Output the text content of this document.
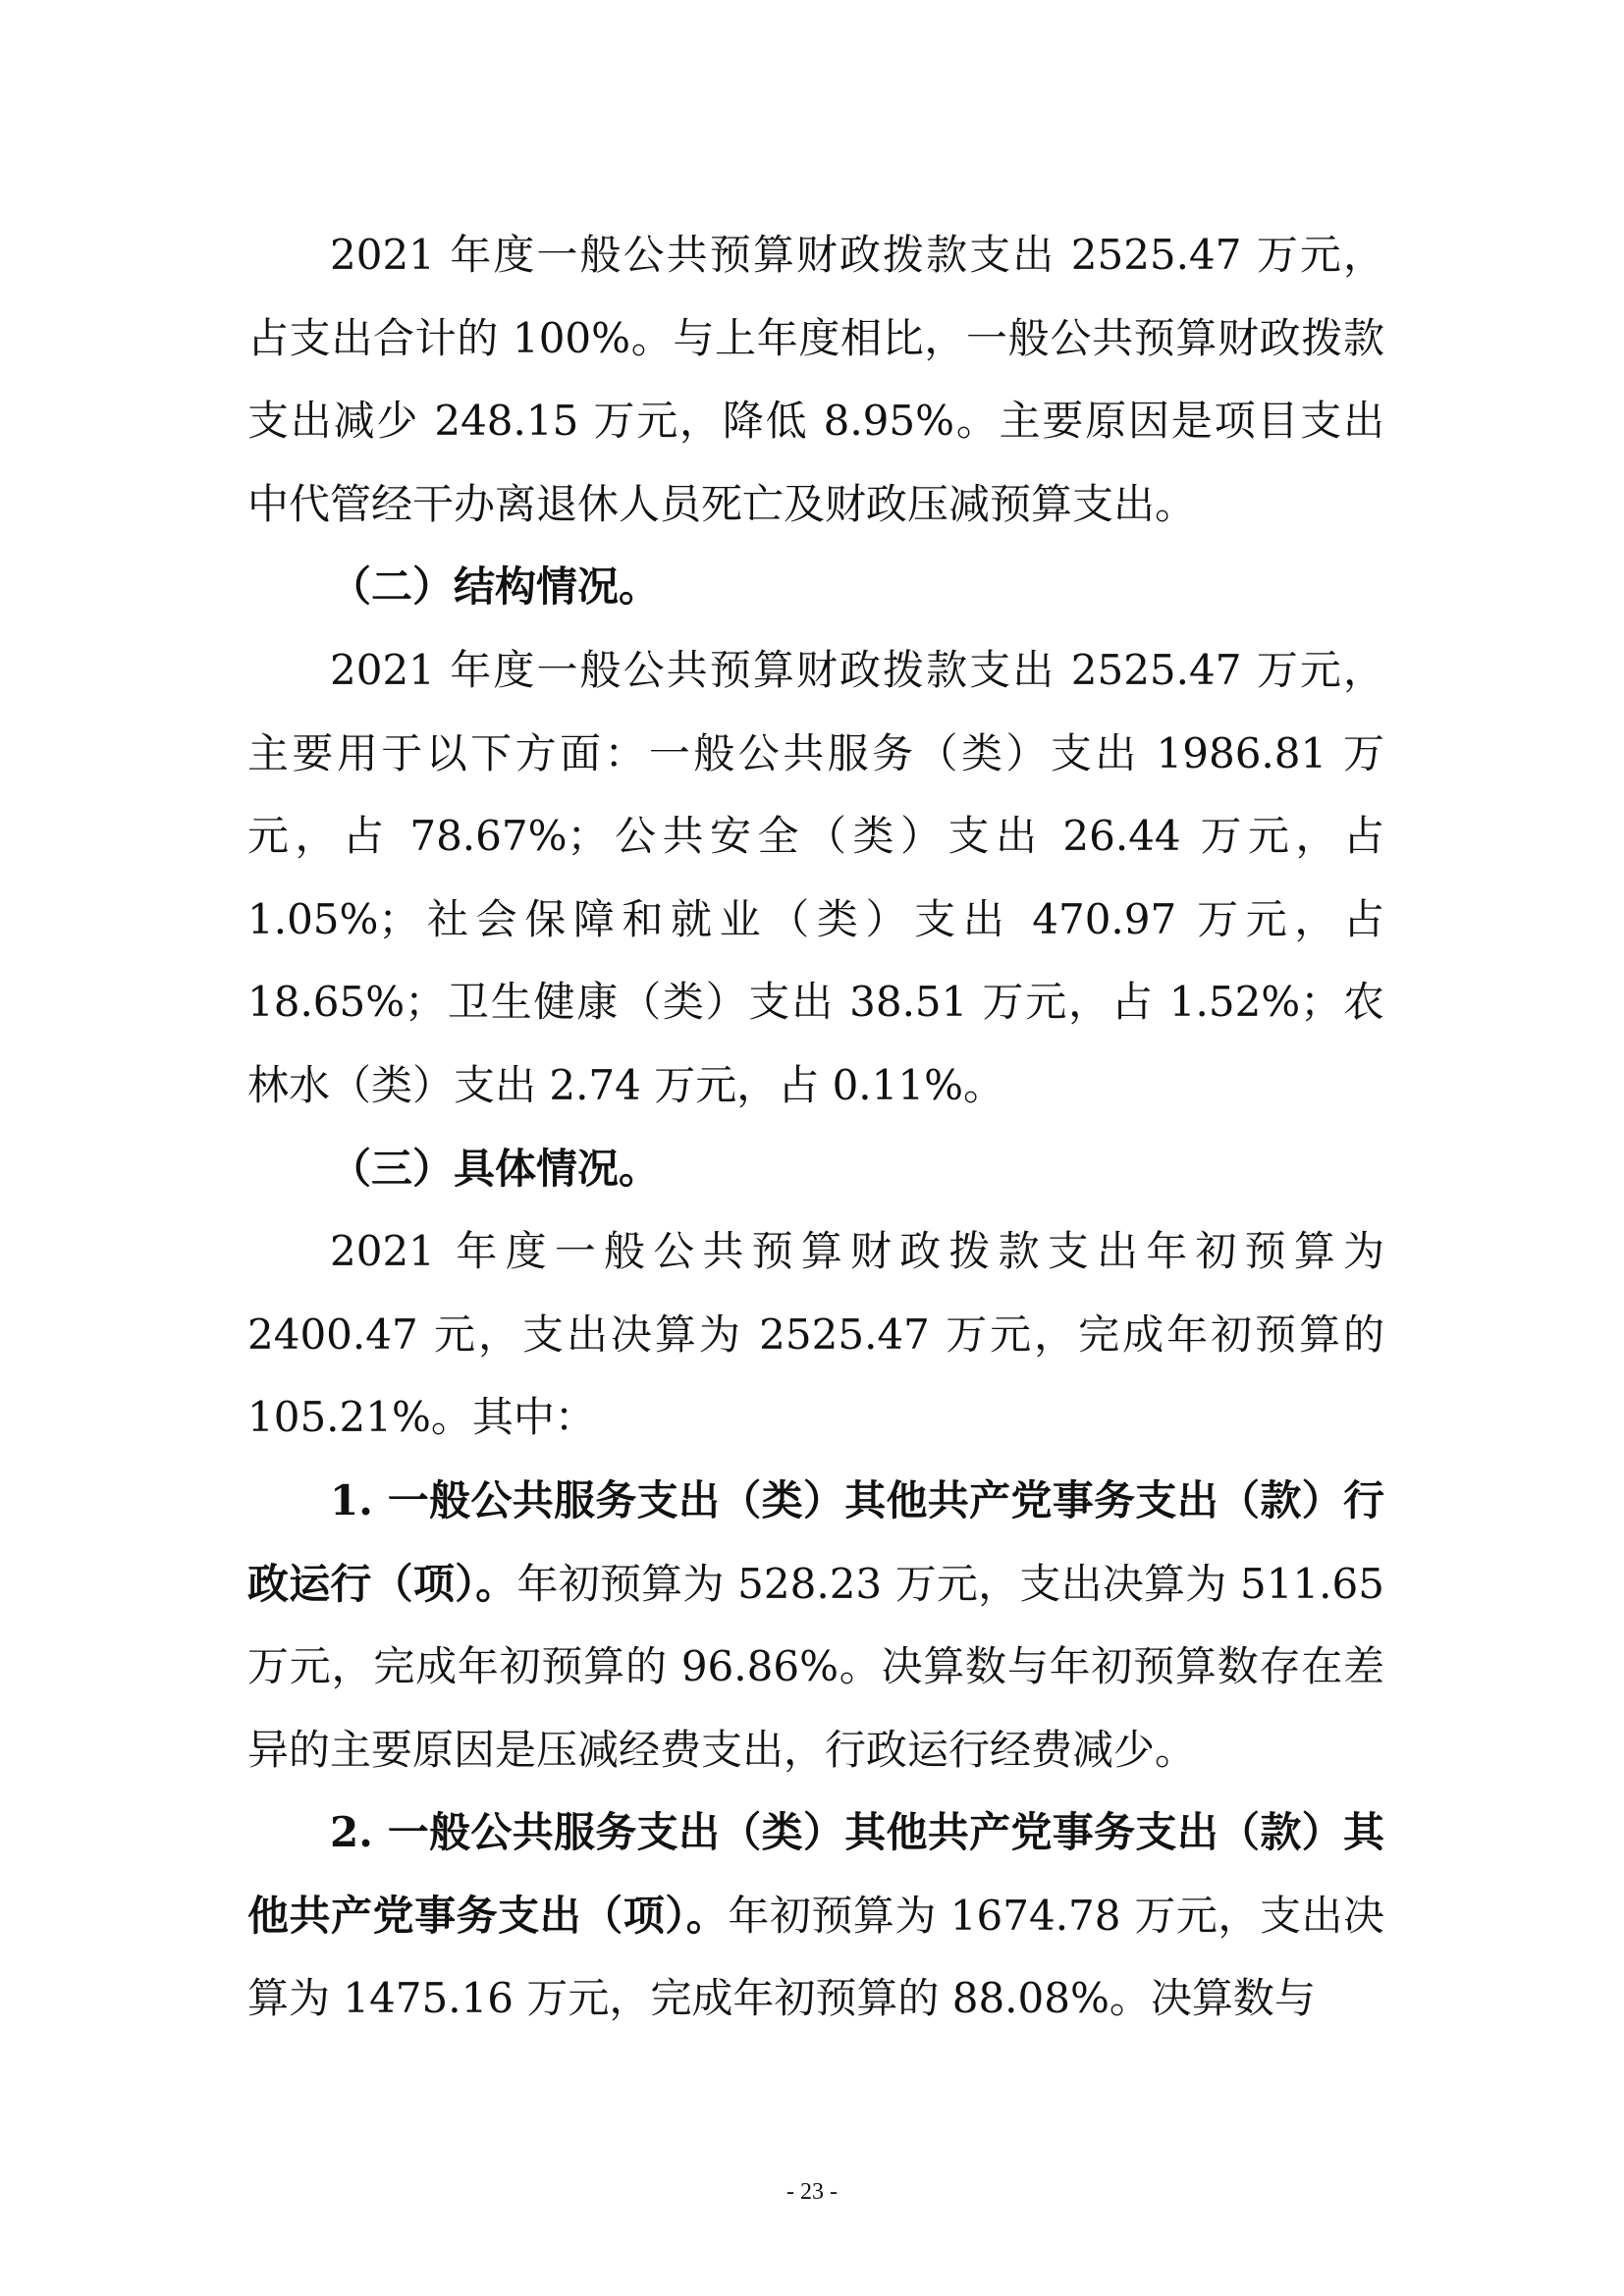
2021 年度一般公共预算财政拨款支出 2525.47 万元，占支出合计的 100%。与上年度相比，一般公共预算财政拨款支出减少 248.15 万元，降低 8.95%。主要原因是项目支出中代管经干办离退休人员死亡及财政压减预算支出。

（二）结构情况。

2021 年度一般公共预算财政拨款支出 2525.47 万元，主要用于以下方面：一般公共服务（类）支出 1986.81 万元，占 78.67%；公共安全（类）支出 26.44 万元，占 1.05%；社会保障和就业（类）支出 470.97 万元，占 18.65%；卫生健康（类）支出 38.51 万元，占 1.52%；农林水（类）支出 2.74 万元，占 0.11%。

（三）具体情况。

2021 年度一般公共预算财政拨款支出年初预算为 2400.47 元，支出决算为 2525.47 万元，完成年初预算的 105.21%。其中：

1. 一般公共服务支出（类）其他共产党事务支出（款）行政运行（项）。年初预算为 528.23 万元，支出决算为 511.65 万元，完成年初预算的 96.86%。决算数与年初预算数存在差异的主要原因是压减经费支出，行政运行经费减少。

2. 一般公共服务支出（类）其他共产党事务支出（款）其他共产党事务支出（项）。年初预算为 1674.78 万元，支出决算为 1475.16 万元，完成年初预算的 88.08%。决算数与

- 23 -
